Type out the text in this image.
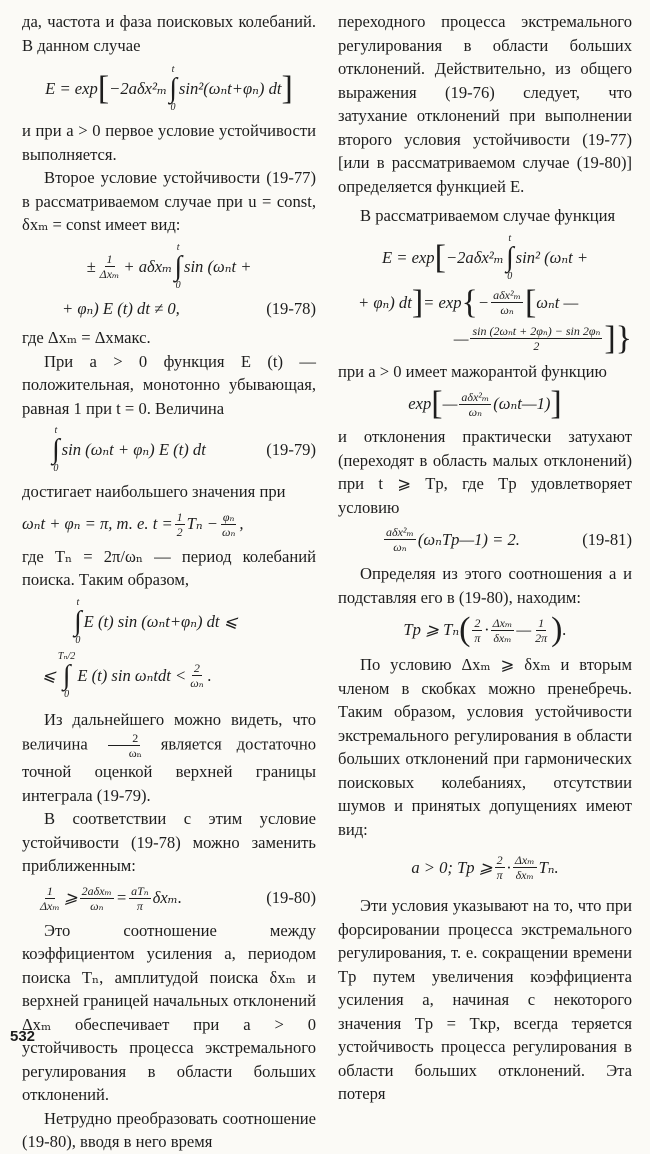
да, частота и фаза поисковых колебаний. В данном случае

E = exp [ −2aδx²ₘ
t
∫
0
sin²(ωₙt+φₙ) dt ]

и при a > 0 первое условие устойчивости выполняется.

Второе условие устойчивости (19-77) в рассматриваемом случае при u = const, δxₘ = const имеет вид:

± 1
Δxₘ + aδxₘ
t
∫
0
sin (ωₙt +
+ φₙ) E (t) dt ≠ 0,	(19-78)

где Δxₘ = Δxмакс.

При a > 0 функция E (t) — положительная, монотонно убывающая, равная 1 при t = 0. Величина

t
∫
0
sin (ωₙt + φₙ) E (t) dt	(19-79)

достигает наибольшего значения при

ωₙt + φₙ = π, т. е. $t = \frac{1}{2}$ $T_n - \frac{\text{φₙ}}{\text{ωₙ}}$ ,

где Tₙ = 2π/ωₙ — период колебаний поиска. Таким образом,

t
∫
0
E (t) sin (ωₙt+φₙ) dt ⩽
⩽
Tₙ/2
∫
0
E (t) sin ωₙtdt < 2
ωₙ .

Из дальнейшего можно видеть, что величина $\frac{2}{\text{ωₙ}}$ является достаточно точной оценкой верхней границы интеграла (19-79).

В соответствии с этим условие устойчивости (19-78) можно заменить приближенным:

1
Δxₘ ⩾ 2aδxₘ
ωₙ = aTₙ
π δxₘ.	(19-80)

Это соотношение между коэффициентом усиления a, периодом поиска Tₙ, амплитудой поиска δxₘ и верхней границей начальных отклонений Δxₘ обеспечивает при a > 0 устойчивость процесса экстремального регулирования в области больших отклонений.

Нетрудно преобразовать соотношение (19-80), вводя в него время

переходного процесса экстремального регулирования в области больших отклонений. Действительно, из общего выражения (19-76) следует, что затухание отклонений при выполнении второго условия устойчивости (19-77) [или в рассматриваемом случае (19-80)] определяется функцией E.

В рассматриваемом случае функция

E = exp [ −2aδx²ₘ
t
∫
0
sin² (ωₙt +
+ φₙ) dt ] = exp { − aδx²ₘ
ωₙ [ ωₙt —
— sin (2ωₙt + 2φₙ) − sin 2φₙ
2 ]}

при a > 0 имеет мажорантой функцию

exp [ — aδx²ₘ
ωₙ (ωₙt—1) ]

и отклонения практически затухают (переходят в область малых отклонений) при t ⩾ Tр, где Tр удовлетворяет условию

aδx²ₘ
ωₙ (ωₙTр—1) = 2.	(19-81)

Определяя из этого соотношения a и подставляя его в (19-80), находим:

Tр ⩾ Tₙ ( 2
π · Δxₘ
δxₘ — 1
2π ) .

По условию Δxₘ ⩾ δxₘ и вторым членом в скобках можно пренебречь. Таким образом, условия устойчивости экстремального регулирования в области больших отклонений при гармонических поисковых колебаниях, отсутствии шумов и принятых допущениях имеют вид:

a > 0; Tр ⩾ 2
π · Δxₘ
δxₘ Tₙ.

Эти условия указывают на то, что при форсировании процесса экстремального регулирования, т. е. сокращении времени Tр путем увеличения коэффициента усиления a, начиная с некоторого значения Tр = Tкр, всегда теряется устойчивость процесса регулирования в области больших отклонений. Эта потеря

532
